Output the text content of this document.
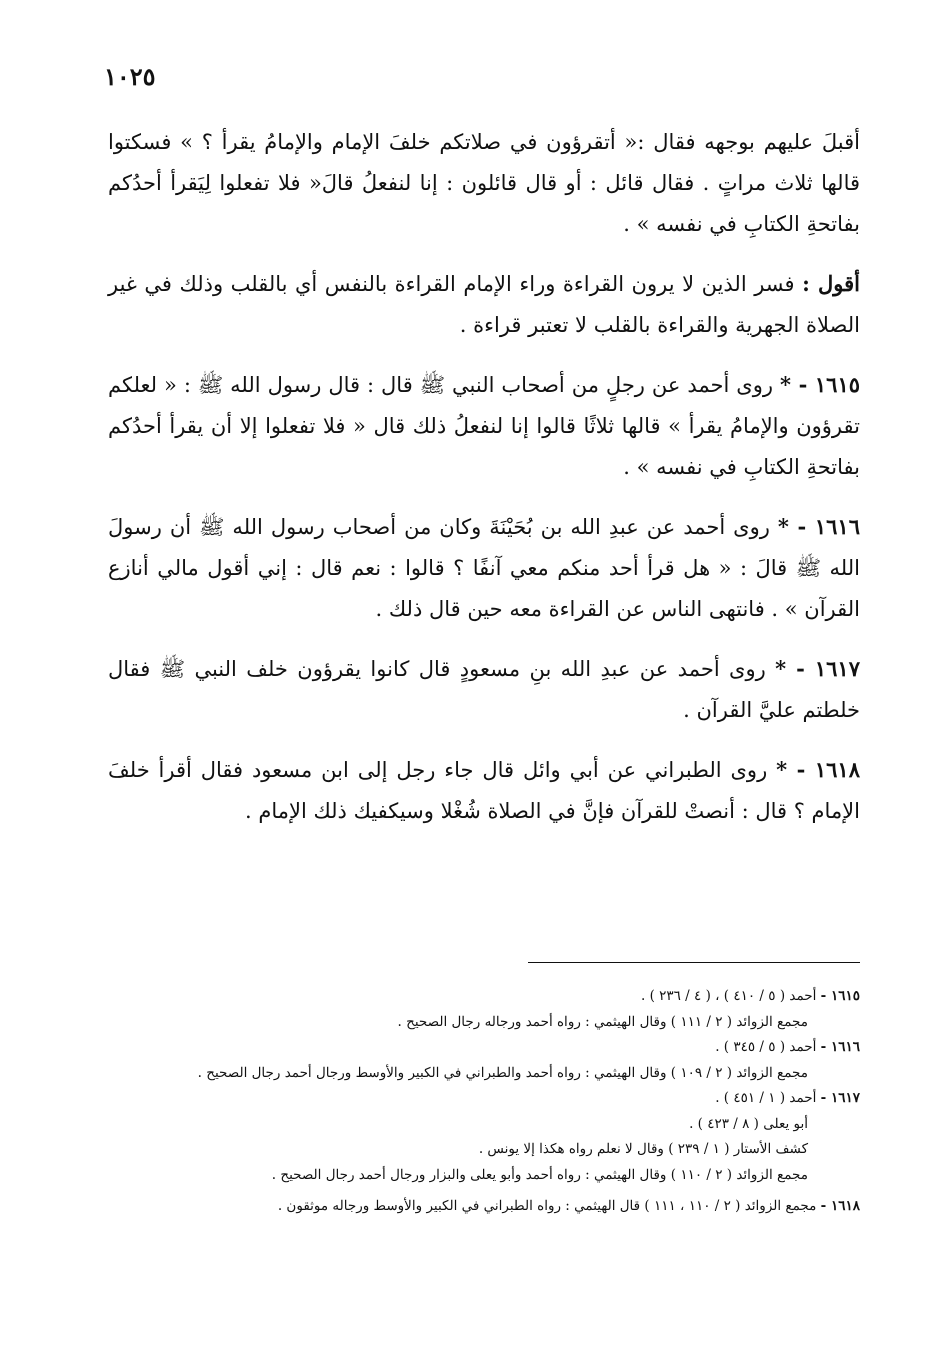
١٠٢٥

أقبلَ عليهم بوجهه فقال :« أتقرؤون في صلاتكم خلفَ الإمام والإمامُ يقرأ ؟ » فسكتوا قالها ثلاث مراتٍ . فقال قائل : أو قال قائلون : إنا لنفعلُ قالَ« فلا تفعلوا لِيَقرأ أحدُكم بفاتحةِ الكتابِ في نفسه » .

أقول : فسر الذين لا يرون القراءة وراء الإمام القراءة بالنفس أي بالقلب وذلك في غير الصلاة الجهرية والقراءة بالقلب لا تعتبر قراءة .

١٦١٥ - * روى أحمد عن رجلٍ من أصحاب النبي ﷺ قال : قال رسول الله ﷺ : « لعلكم تقرؤون والإمامُ يقرأ » قالها ثلاثًا قالوا إنا لنفعلُ ذلك قال « فلا تفعلوا إلا أن يقرأ أحدُكم بفاتحةِ الكتابِ في نفسه » .

١٦١٦ - * روى أحمد عن عبدِ الله بن بُحَيْنَةَ وكان من أصحاب رسول الله ﷺ أن رسولَ الله ﷺ قالَ : « هل قرأ أحد منكم معي آنفًا ؟ قالوا : نعم قال : إني أقول مالي أنازع القرآن » . فانتهى الناس عن القراءة معه حين قال ذلك .

١٦١٧ - * روى أحمد عن عبدِ الله بنِ مسعودٍ قال كانوا يقرؤون خلف النبي ﷺ فقال خلطتم عليَّ القرآن .

١٦١٨ - * روى الطبراني عن أبي وائل قال جاء رجل إلى ابن مسعود فقال أقرأ خلفَ الإمام ؟ قال : أنصتْ للقرآن فإنَّ في الصلاة شُغْلا وسيكفيك ذلك الإمام .

١٦١٥ - أحمد ( ٥ / ٤١٠ ) ، ( ٤ / ٢٣٦ ) .
مجمع الزوائد ( ٢ / ١١١ ) وقال الهيثمي : رواه أحمد ورجاله رجال الصحيح .
١٦١٦ - أحمد ( ٥ / ٣٤٥ ) .
مجمع الزوائد ( ٢ / ١٠٩ ) وقال الهيثمي : رواه أحمد والطبراني في الكبير والأوسط ورجال أحمد رجال الصحيح .
١٦١٧ - أحمد ( ١ / ٤٥١ ) .
أبو يعلى ( ٨ / ٤٢٣ ) .
كشف الأستار ( ١ / ٢٣٩ ) وقال لا نعلم رواه هكذا إلا يونس .
مجمع الزوائد ( ٢ / ١١٠ ) وقال الهيثمي : رواه أحمد وأبو يعلى والبزار ورجال أحمد رجال الصحيح .
١٦١٨ - مجمع الزوائد ( ٢ / ١١٠ ، ١١١ ) قال الهيثمي : رواه الطبراني في الكبير والأوسط ورجاله موثقون .
